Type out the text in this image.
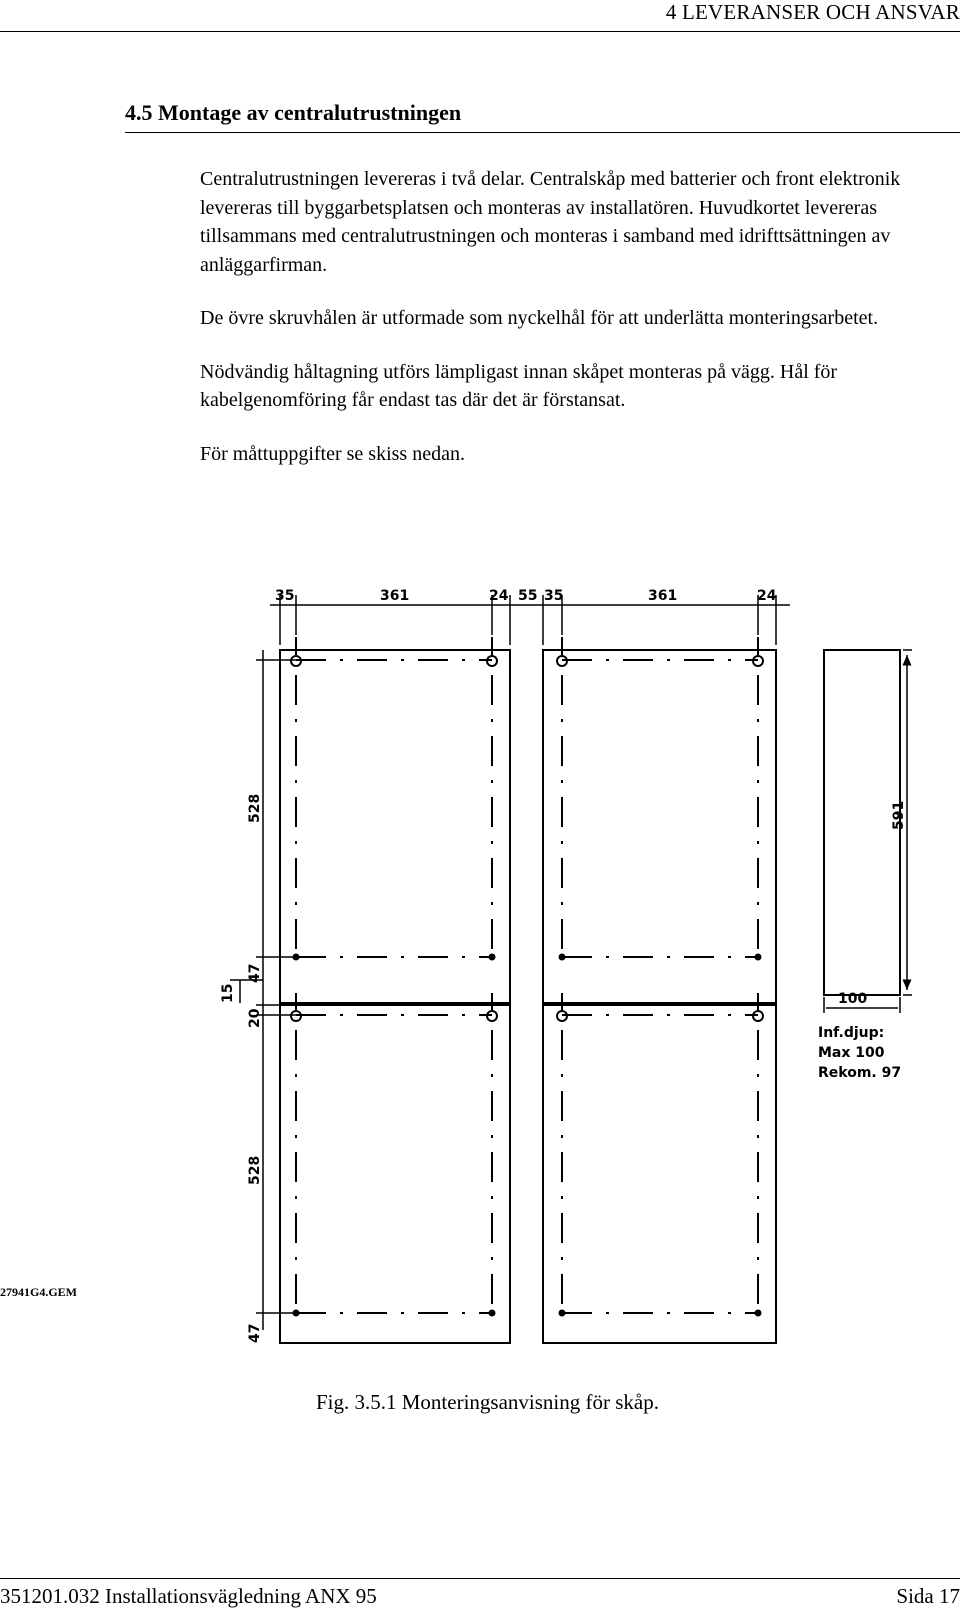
4 LEVERANSER OCH ANSVAR
4.5 Montage av centralutrustningen

Centralutrustningen levereras i två delar. Centralskåp med batterier och front elektronik levereras till byggarbetsplatsen och monteras av installatören. Huvudkortet levereras tillsammans med centralutrustningen och monteras i samband med idrifttsättningen av anläggarfirman.

De övre skruvhålen är utformade som nyckelhål för att underlätta monteringsarbetet.

Nödvändig håltagning utförs lämpligast innan skåpet monteras på vägg. Hål för kabelgenomföring får endast tas där det är förstansat.

För måttuppgifter se skiss nedan.

35	361	24 55 35	361	24
528
47
15
20
528
47
591
100
Inf.djup:
Max 100
Rekom. 97
27941G4.GEM
Fig. 3.5.1 Monteringsanvisning för skåp.
351201.032 Installationsvägledning ANX 95	Sida 17
